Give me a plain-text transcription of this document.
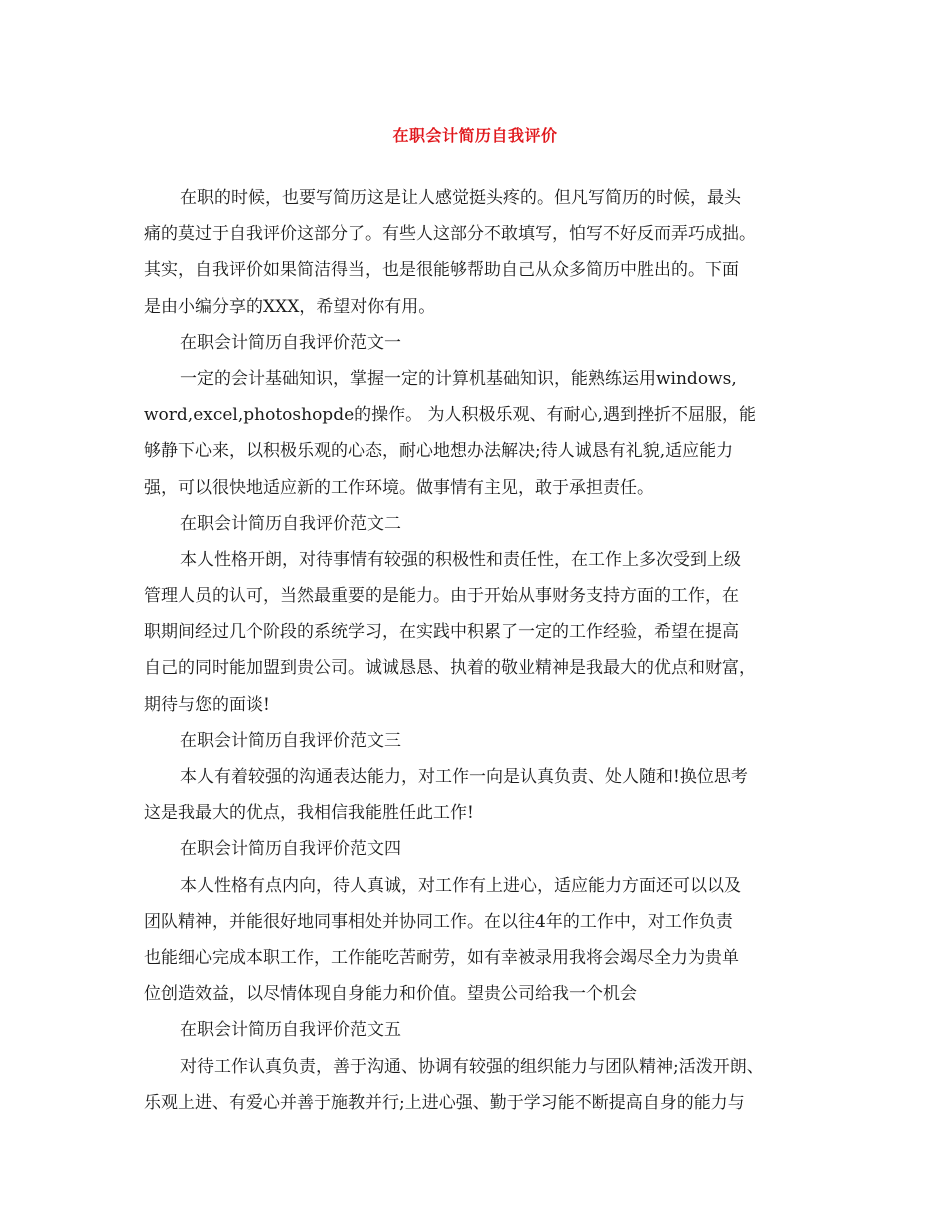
在职会计简历自我评价
在职的时候，也要写简历这是让人感觉挺头疼的。但凡写简历的时候，最头
痛的莫过于自我评价这部分了。有些人这部分不敢填写，怕写不好反而弄巧成拙。
其实，自我评价如果简洁得当，也是很能够帮助自己从众多简历中胜出的。下面
是由小编分享的XXX，希望对你有用。
在职会计简历自我评价范文一
一定的会计基础知识，掌握一定的计算机基础知识，能熟练运用windows,
word,excel,photoshopde的操作。 为人积极乐观、有耐心,遇到挫折不屈服，能
够静下心来，以积极乐观的心态，耐心地想办法解决;待人诚恳有礼貌,适应能力
强，可以很快地适应新的工作环境。做事情有主见，敢于承担责任。
在职会计简历自我评价范文二
本人性格开朗，对待事情有较强的积极性和责任性，在工作上多次受到上级
管理人员的认可，当然最重要的是能力。由于开始从事财务支持方面的工作，在
职期间经过几个阶段的系统学习，在实践中积累了一定的工作经验，希望在提高
自己的同时能加盟到贵公司。诚诚恳恳、执着的敬业精神是我最大的优点和财富，
期待与您的面谈!
在职会计简历自我评价范文三
本人有着较强的沟通表达能力，对工作一向是认真负责、处人随和!换位思考
这是我最大的优点，我相信我能胜任此工作!
在职会计简历自我评价范文四
本人性格有点内向，待人真诚，对工作有上进心，适应能力方面还可以以及
团队精神，并能很好地同事相处并协同工作。在以往4年的工作中，对工作负责
也能细心完成本职工作，工作能吃苦耐劳，如有幸被录用我将会竭尽全力为贵单
位创造效益，以尽情体现自身能力和价值。望贵公司给我一个机会
在职会计简历自我评价范文五
对待工作认真负责，善于沟通、协调有较强的组织能力与团队精神;活泼开朗、
乐观上进、有爱心并善于施教并行;上进心强、勤于学习能不断提高自身的能力与
